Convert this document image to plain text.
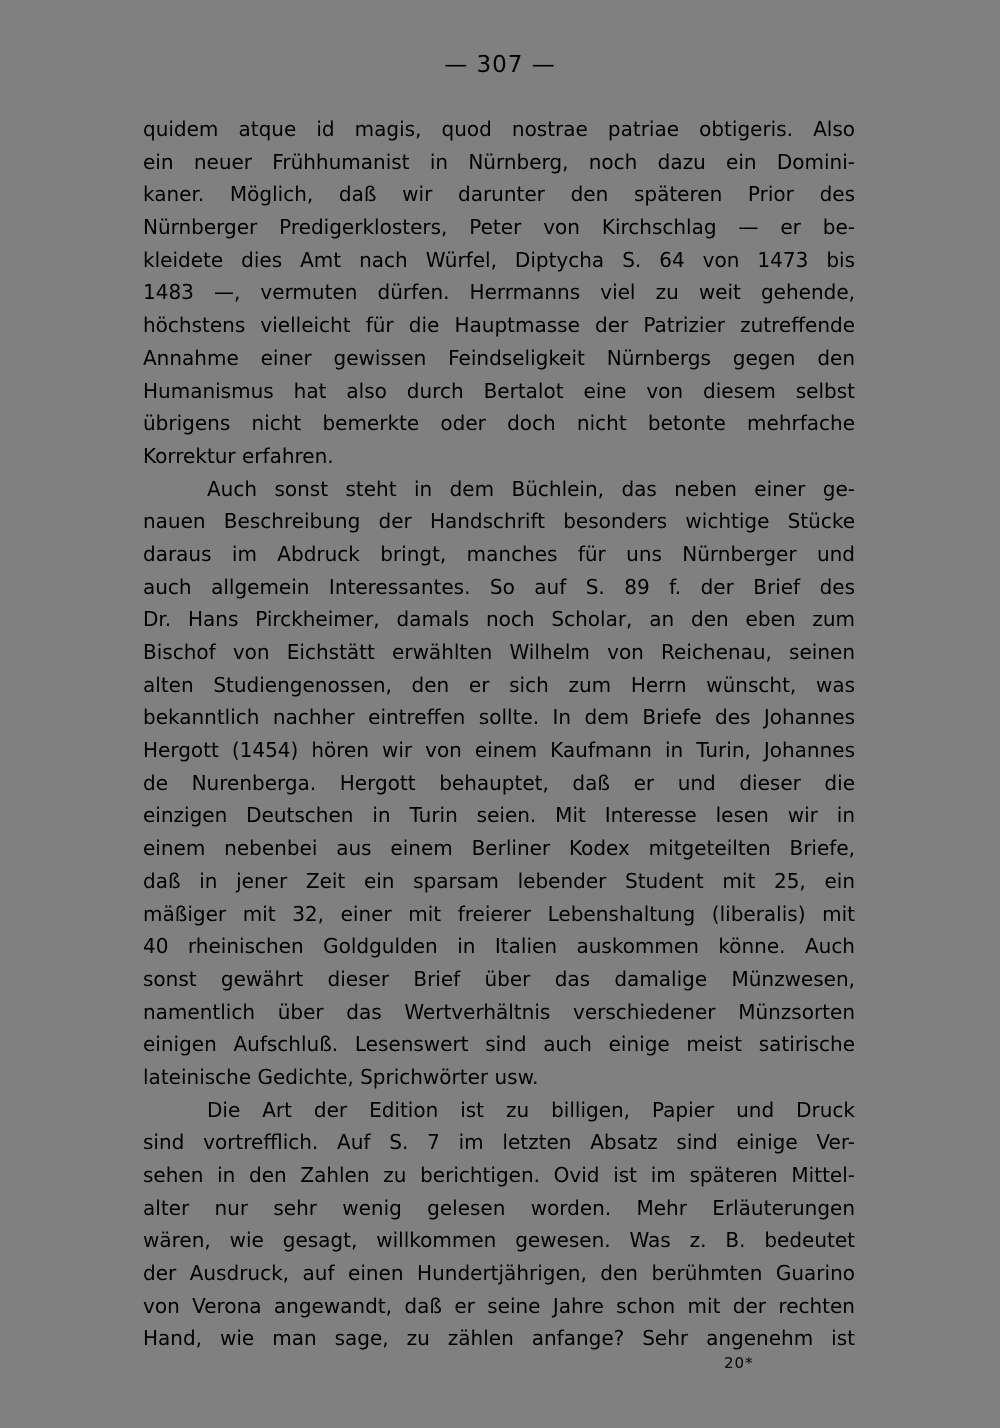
— 307 —
quidem atque id magis, quod nostrae patriae obtigeris. Also
ein neuer Frühhumanist in Nürnberg, noch dazu ein Domini-
kaner. Möglich, daß wir darunter den späteren Prior des
Nürnberger Predigerklosters, Peter von Kirchschlag — er be-
kleidete dies Amt nach Würfel, Diptycha S. 64 von 1473 bis
1483 —, vermuten dürfen. Herrmanns viel zu weit gehende,
höchstens vielleicht für die Hauptmasse der Patrizier zutreffende
Annahme einer gewissen Feindseligkeit Nürnbergs gegen den
Humanismus hat also durch Bertalot eine von diesem selbst
übrigens nicht bemerkte oder doch nicht betonte mehrfache
Korrektur erfahren.
Auch sonst steht in dem Büchlein, das neben einer ge-
nauen Beschreibung der Handschrift besonders wichtige Stücke
daraus im Abdruck bringt, manches für uns Nürnberger und
auch allgemein Interessantes. So auf S. 89 f. der Brief des
Dr. Hans Pirckheimer, damals noch Scholar, an den eben zum
Bischof von Eichstätt erwählten Wilhelm von Reichenau, seinen
alten Studiengenossen, den er sich zum Herrn wünscht, was
bekanntlich nachher eintreffen sollte. In dem Briefe des Johannes
Hergott (1454) hören wir von einem Kaufmann in Turin, Johannes
de Nurenberga. Hergott behauptet, daß er und dieser die
einzigen Deutschen in Turin seien. Mit Interesse lesen wir in
einem nebenbei aus einem Berliner Kodex mitgeteilten Briefe,
daß in jener Zeit ein sparsam lebender Student mit 25, ein
mäßiger mit 32, einer mit freierer Lebenshaltung (liberalis) mit
40 rheinischen Goldgulden in Italien auskommen könne. Auch
sonst gewährt dieser Brief über das damalige Münzwesen,
namentlich über das Wertverhältnis verschiedener Münzsorten
einigen Aufschluß. Lesenswert sind auch einige meist satirische
lateinische Gedichte, Sprichwörter usw.
Die Art der Edition ist zu billigen, Papier und Druck
sind vortrefflich. Auf S. 7 im letzten Absatz sind einige Ver-
sehen in den Zahlen zu berichtigen. Ovid ist im späteren Mittel-
alter nur sehr wenig gelesen worden. Mehr Erläuterungen
wären, wie gesagt, willkommen gewesen. Was z. B. bedeutet
der Ausdruck, auf einen Hundertjährigen, den berühmten Guarino
von Verona angewandt, daß er seine Jahre schon mit der rechten
Hand, wie man sage, zu zählen anfange? Sehr angenehm ist
20*
